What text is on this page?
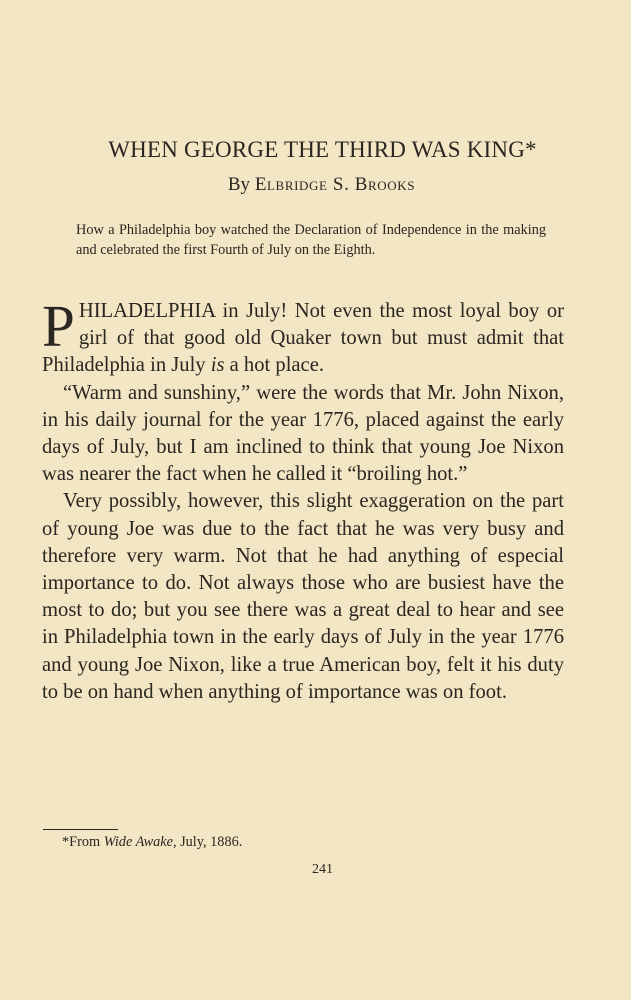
WHEN GEORGE THE THIRD WAS KING*
By Elbridge S. Brooks
How a Philadelphia boy watched the Declaration of Independence in the making and celebrated the first Fourth of July on the Eighth.

PHILADELPHIA in July! Not even the most loyal boy or girl of that good old Quaker town but must admit that Philadelphia in July is a hot place.

“Warm and sunshiny,” were the words that Mr. John Nixon, in his daily journal for the year 1776, placed against the early days of July, but I am inclined to think that young Joe Nixon was nearer the fact when he called it “broiling hot.”

Very possibly, however, this slight exaggeration on the part of young Joe was due to the fact that he was very busy and therefore very warm. Not that he had anything of especial importance to do. Not always those who are busiest have the most to do; but you see there was a great deal to hear and see in Philadelphia town in the early days of July in the year 1776 and young Joe Nixon, like a true American boy, felt it his duty to be on hand when anything of importance was on foot.

*From Wide Awake, July, 1886.
241
